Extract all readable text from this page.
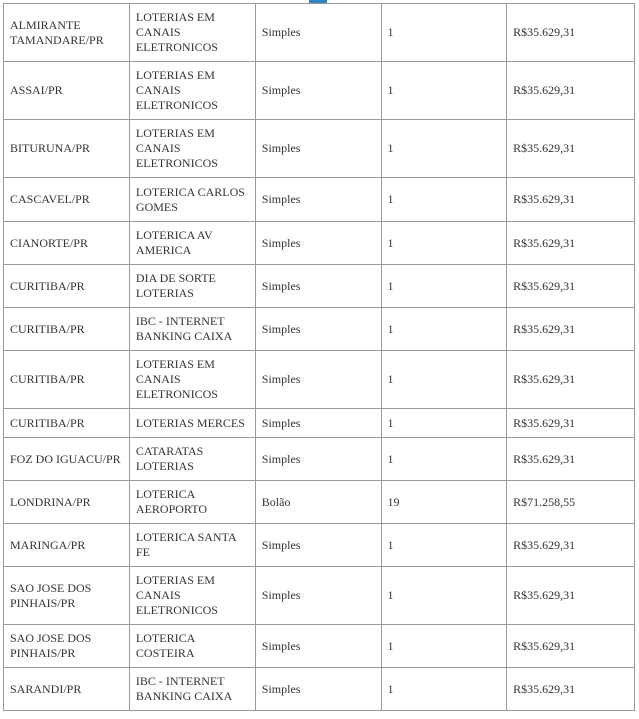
ALMIRANTE TAMANDARE/PR	LOTERIAS EM CANAIS ELETRONICOS	Simples	1	R$35.629,31
ASSAI/PR	LOTERIAS EM CANAIS ELETRONICOS	Simples	1	R$35.629,31
BITURUNA/PR	LOTERIAS EM CANAIS ELETRONICOS	Simples	1	R$35.629,31
CASCAVEL/PR	LOTERICA CARLOS GOMES	Simples	1	R$35.629,31
CIANORTE/PR	LOTERICA AV AMERICA	Simples	1	R$35.629,31
CURITIBA/PR	DIA DE SORTE LOTERIAS	Simples	1	R$35.629,31
CURITIBA/PR	IBC - INTERNET BANKING CAIXA	Simples	1	R$35.629,31
CURITIBA/PR	LOTERIAS EM CANAIS ELETRONICOS	Simples	1	R$35.629,31
CURITIBA/PR	LOTERIAS MERCES	Simples	1	R$35.629,31
FOZ DO IGUACU/PR	CATARATAS LOTERIAS	Simples	1	R$35.629,31
LONDRINA/PR	LOTERICA AEROPORTO	Bolão	19	R$71.258,55
MARINGA/PR	LOTERICA SANTA FE	Simples	1	R$35.629,31
SAO JOSE DOS PINHAIS/PR	LOTERIAS EM CANAIS ELETRONICOS	Simples	1	R$35.629,31
SAO JOSE DOS PINHAIS/PR	LOTERICA COSTEIRA	Simples	1	R$35.629,31
SARANDI/PR	IBC - INTERNET BANKING CAIXA	Simples	1	R$35.629,31
